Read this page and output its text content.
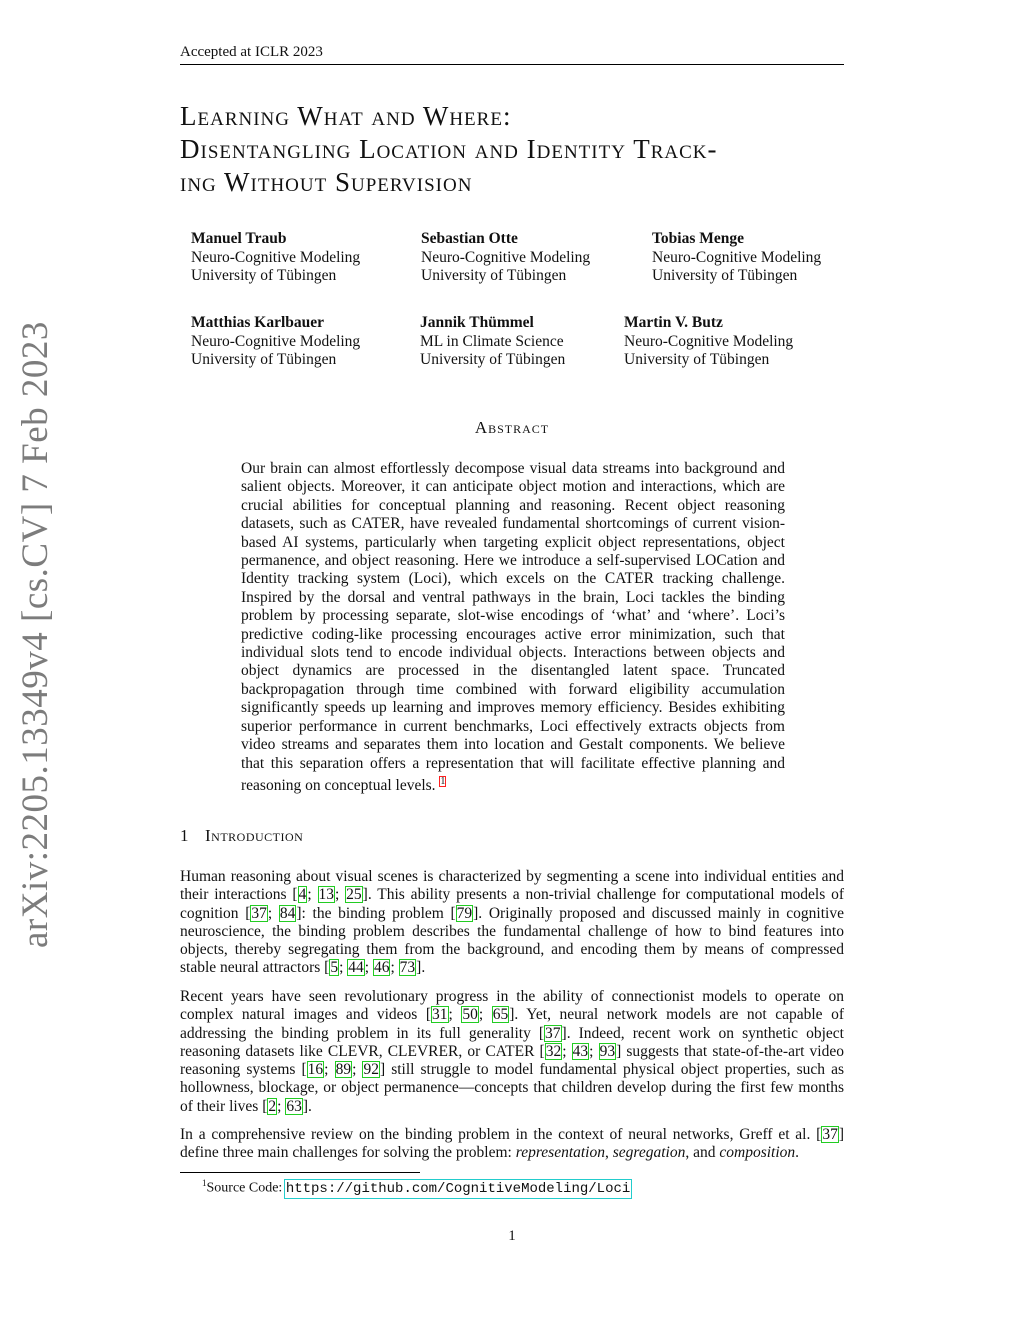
Accepted at ICLR 2023
arXiv:2205.13349v4 [cs.CV] 7 Feb 2023
Learning What and Where:
Disentangling Location and Identity Track-
ing Without Supervision
Manuel Traub
Neuro-Cognitive Modeling
University of Tübingen
Sebastian Otte
Neuro-Cognitive Modeling
University of Tübingen
Tobias Menge
Neuro-Cognitive Modeling
University of Tübingen
Matthias Karlbauer
Neuro-Cognitive Modeling
University of Tübingen
Jannik Thümmel
ML in Climate Science
University of Tübingen
Martin V. Butz
Neuro-Cognitive Modeling
University of Tübingen
Abstract
Our brain can almost effortlessly decompose visual data streams into background and salient objects. Moreover, it can anticipate object motion and interactions, which are crucial abilities for conceptual planning and reasoning. Recent object reasoning datasets, such as CATER, have revealed fundamental shortcomings of current vision-based AI systems, particularly when targeting explicit object representations, object permanence, and object reasoning. Here we introduce a self-supervised LOCation and Identity tracking system (Loci), which excels on the CATER tracking challenge. Inspired by the dorsal and ventral pathways in the brain, Loci tackles the binding problem by processing separate, slot-wise encodings of ‘what’ and ‘where’. Loci’s predictive coding-like processing encourages active error minimization, such that individual slots tend to encode individual objects. Interactions between objects and object dynamics are processed in the disentangled latent space. Truncated backpropagation through time combined with forward eligibility accumulation significantly speeds up learning and improves memory efficiency. Besides exhibiting superior performance in current benchmarks, Loci effectively extracts objects from video streams and separates them into location and Gestalt components. We believe that this separation offers a representation that will facilitate effective planning and reasoning on conceptual levels. $^1$
1 Introduction
Human reasoning about visual scenes is characterized by segmenting a scene into individual entities and their interactions [4; 13; 25]. This ability presents a non-trivial challenge for computational models of cognition [37; 84]: the binding problem [79]. Originally proposed and discussed mainly in cognitive neuroscience, the binding problem describes the fundamental challenge of how to bind features into objects, thereby segregating them from the background, and encoding them by means of compressed stable neural attractors [5; 44; 46; 73].
Recent years have seen revolutionary progress in the ability of connectionist models to operate on complex natural images and videos [31; 50; 65]. Yet, neural network models are not capable of addressing the binding problem in its full generality [37]. Indeed, recent work on synthetic object reasoning datasets like CLEVR, CLEVRER, or CATER [32; 43; 93] suggests that state-of-the-art video reasoning systems [16; 89; 92] still struggle to model fundamental physical object properties, such as hollowness, blockage, or object permanence—concepts that children develop during the first few months of their lives [2; 63].
In a comprehensive review on the binding problem in the context of neural networks, Greff et al. [37] define three main challenges for solving the problem: representation, segregation, and composition.
$^1$Source Code: https://github.com/CognitiveModeling/Loci
1
